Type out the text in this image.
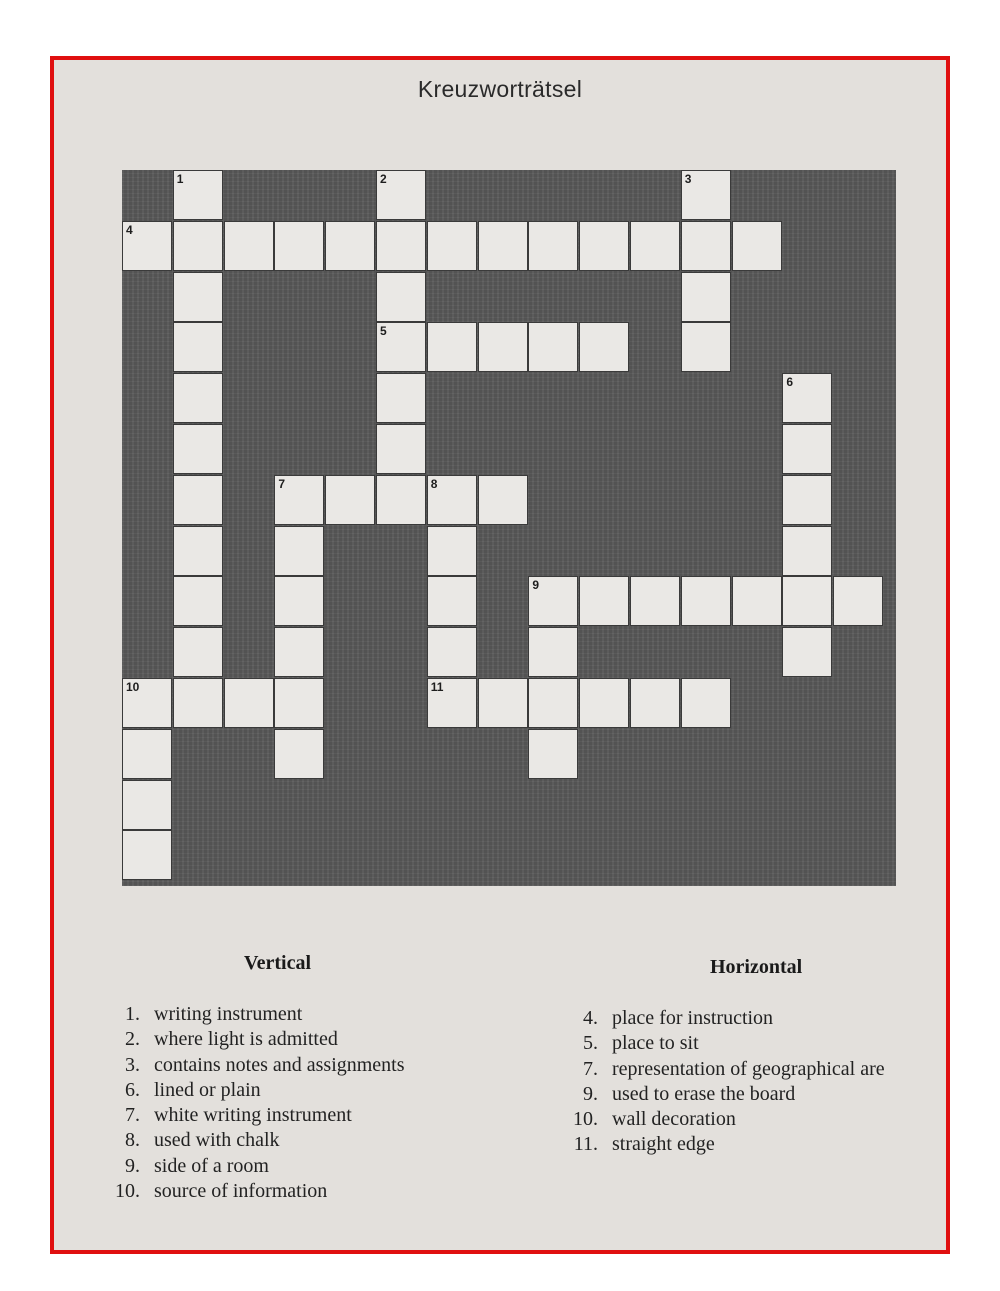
Kreuzworträtsel
4
5
7	8
9
10	11
1	2	3
6
Vertical	Horizontal
1. writing instrument
2. where light is admitted
3. contains notes and assignments
6. lined or plain
7. white writing instrument
8. used with chalk
9. side of a room
10. source of information
4. place for instruction
5. place to sit
7. representation of geographical are
9. used to erase the board
10. wall decoration
11. straight edge
